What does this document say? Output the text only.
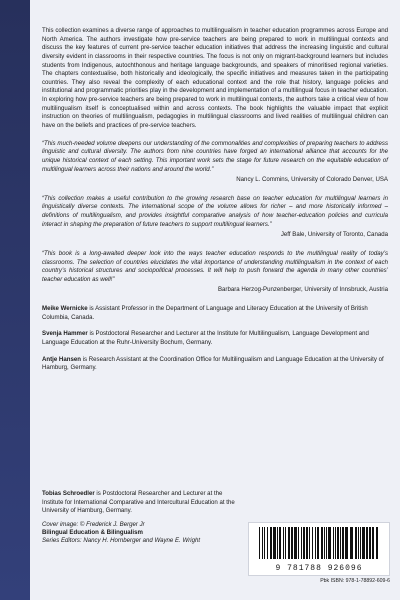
This collection examines a diverse range of approaches to multilingualism in teacher education programmes across Europe and North America. The authors investigate how pre-service teachers are being prepared to work in multilingual contexts and discuss the key features of current pre-service teacher education initiatives that address the increasing linguistic and cultural diversity evident in classrooms in their respective countries. The focus is not only on migrant-background learners but includes students from Indigenous, autochthonous and heritage language backgrounds, and speakers of minoritised regional varieties. The chapters contextualise, both historically and ideologically, the specific initiatives and measures taken in the participating countries. They also reveal the complexity of each educational context and the role that history, language policies and institutional and programmatic priorities play in the development and implementation of a multilingual focus in teacher education. In exploring how pre-service teachers are being prepared to work in multilingual contexts, the authors take a critical view of how multilingualism itself is conceptualised within and across contexts. The book highlights the valuable impact that explicit instruction on theories of multilingualism, pedagogies in multilingual classrooms and lived realities of multilingual children can have on the beliefs and practices of pre-service teachers.

“This much-needed volume deepens our understanding of the commonalities and complexities of preparing teachers to address linguistic and cultural diversity. The authors from nine countries have forged an international alliance that accounts for the unique historical context of each setting. This important work sets the stage for future research on the equitable education of multilingual learners across their nations and around the world.”

Nancy L. Commins, University of Colorado Denver, USA

“This collection makes a useful contribution to the growing research base on teacher education for multilingual learners in linguistically diverse contexts. The international scope of the volume allows for richer – and more historically informed – definitions of multilingualism, and provides insightful comparative analysis of how teacher-education policies and curricula interact in shaping the preparation of future teachers to support multilingual learners.”

Jeff Bale, University of Toronto, Canada

“This book is a long-awaited deeper look into the ways teacher education responds to the multilingual reality of today’s classrooms. The selection of countries elucidates the vital importance of understanding multilingualism in the context of each country’s historical structures and sociopolitical processes. It will help to push forward the agenda in many other countries’ teacher education as well!”

Barbara Herzog-Punzenberger, University of Innsbruck, Austria

Meike Wernicke is Assistant Professor in the Department of Language and Literacy Education at the University of British Columbia, Canada.

Svenja Hammer is Postdoctoral Researcher and Lecturer at the Institute for Multilingualism, Language Development and Language Education at the Ruhr-University Bochum, Germany.

Antje Hansen is Research Assistant at the Coordination Office for Multilingualism and Language Education at the University of Hamburg, Germany.

Tobias Schroedler is Postdoctoral Researcher and Lecturer at the Institute for International Comparative and Intercultural Education at the University of Hamburg, Germany.
Cover image: © Frederick J. Berger Jr
Bilingual Education & Bilingualism
Series Editors: Nancy H. Hornberger and Wayne E. Wright
9 781788 926096
Pbk ISBN: 978-1-78892-609-6
